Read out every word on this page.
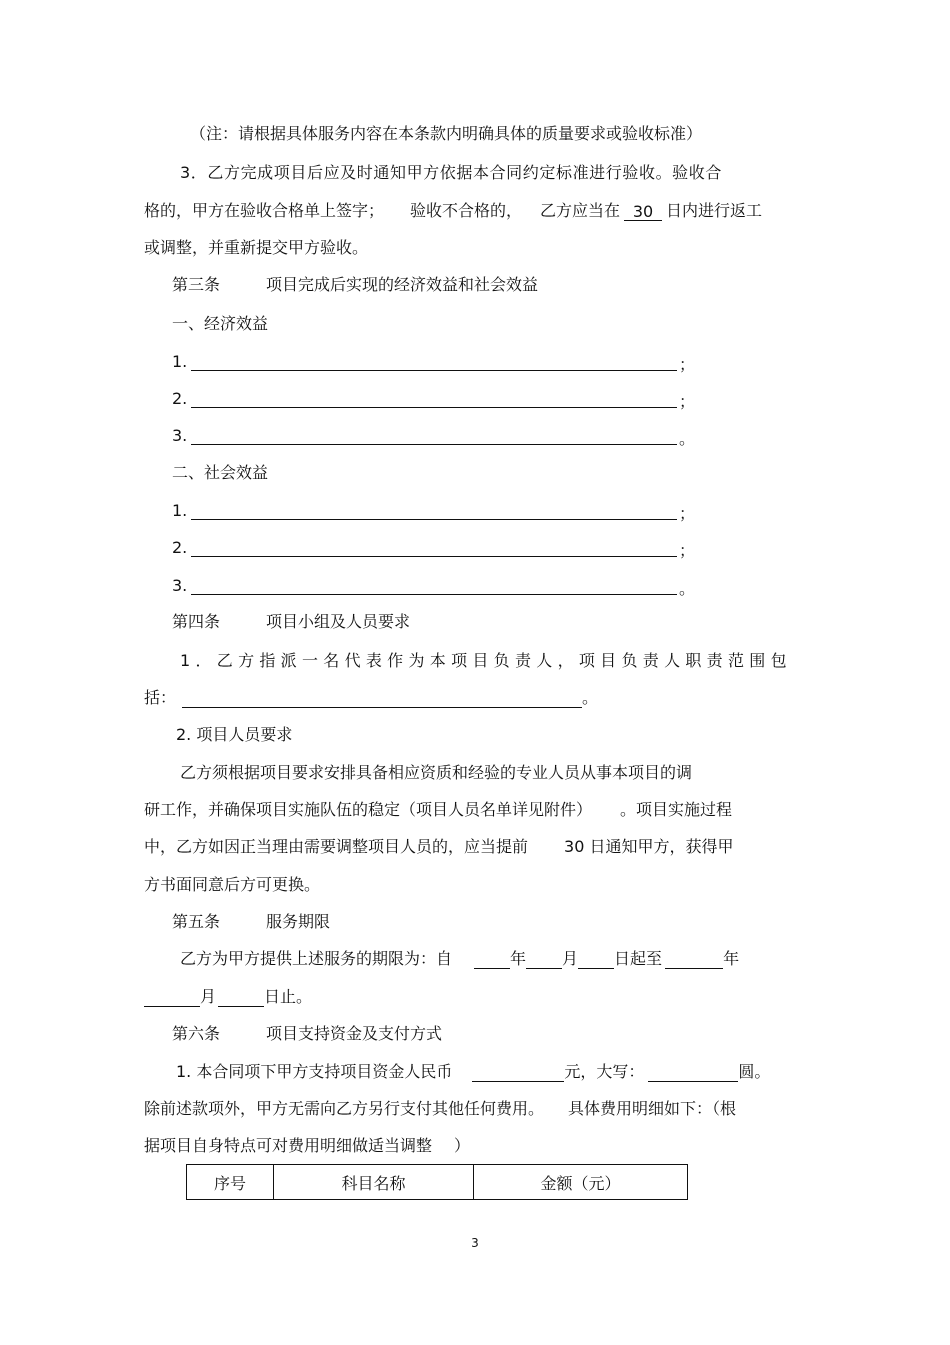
（注：请根据具体服务内容在本条款内明确具体的质量要求或验收标准）
3．乙方完成项目后应及时通知甲方依据本合同约定标准进行验收。验收合
格的，甲方在验收合格单上签字； 验收不合格的， 乙方应当在 30 日内进行返工
或调整，并重新提交甲方验收。
第三条	项目完成后实现的经济效益和社会效益
一、经济效益
1.	；
2.	；
3.	。
二、社会效益
1.	；
2.	；
3.	。
第四条	项目小组及人员要求
1．乙方指派一名代表作为本项目负责人，项目负责人职责范围包
括：	。
2. 项目人员要求
乙方须根据项目要求安排具备相应资质和经验的专业人员从事本项目的调
研工作，并确保项目实施队伍的稳定（项目人员名单详见附件） 。项目实施过程
中，乙方如因正当理由需要调整项目人员的，应当提前 30 日通知甲方，获得甲
方书面同意后方可更换。
第五条	服务期限
乙方为甲方提供上述服务的期限为：自	年 月 日起至	年
月	日止。
第六条	项目支持资金及支付方式
1. 本合同项下甲方支持项目资金人民币	元，大写：	圆。
除前述款项外，甲方无需向乙方另行支付其他任何费用。 具体费用明细如下：（根
据项目自身特点可对费用明细做适当调整 ）
序号	科目名称	金额（元）
3
